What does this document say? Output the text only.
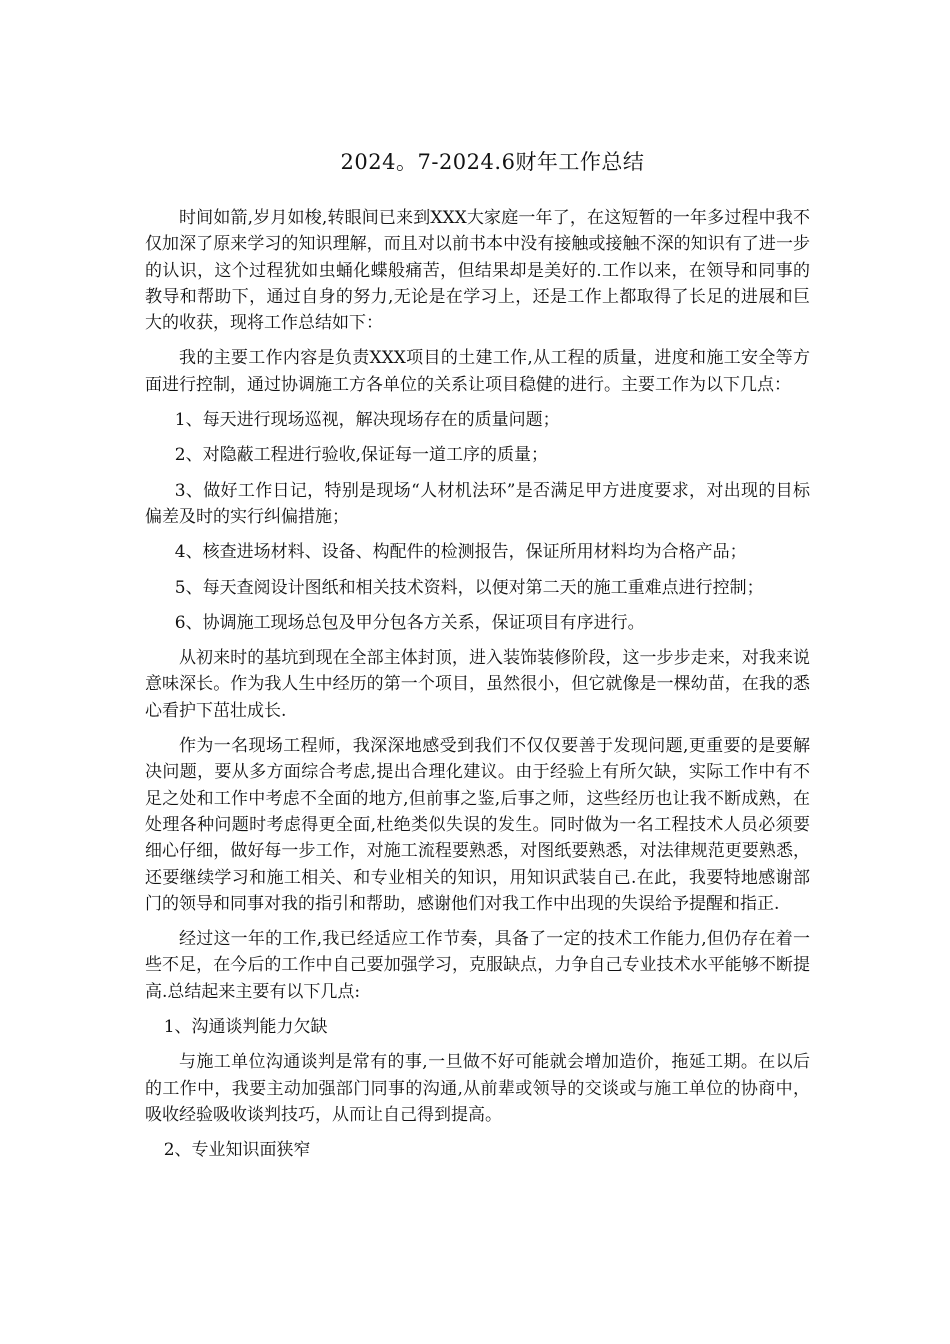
2024。7-2024.6财年工作总结

时间如箭,岁月如梭,转眼间已来到XXX大家庭一年了，在这短暂的一年多过程中我不仅加深了原来学习的知识理解，而且对以前书本中没有接触或接触不深的知识有了进一步的认识，这个过程犹如虫蛹化蝶般痛苦，但结果却是美好的.工作以来，在领导和同事的教导和帮助下，通过自身的努力,无论是在学习上，还是工作上都取得了长足的进展和巨大的收获，现将工作总结如下：

我的主要工作内容是负责XXX项目的土建工作,从工程的质量，进度和施工安全等方面进行控制，通过协调施工方各单位的关系让项目稳健的进行。主要工作为以下几点：

1、每天进行现场巡视，解决现场存在的质量问题；

2、对隐蔽工程进行验收,保证每一道工序的质量；

3、做好工作日记，特别是现场“人材机法环”是否满足甲方进度要求，对出现的目标偏差及时的实行纠偏措施；

4、核查进场材料、设备、构配件的检测报告，保证所用材料均为合格产品；

5、每天查阅设计图纸和相关技术资料，以便对第二天的施工重难点进行控制；

6、协调施工现场总包及甲分包各方关系，保证项目有序进行。

从初来时的基坑到现在全部主体封顶，进入装饰装修阶段，这一步步走来，对我来说意味深长。作为我人生中经历的第一个项目，虽然很小，但它就像是一棵幼苗，在我的悉心看护下茁壮成长.

作为一名现场工程师，我深深地感受到我们不仅仅要善于发现问题,更重要的是要解决问题，要从多方面综合考虑,提出合理化建议。由于经验上有所欠缺，实际工作中有不足之处和工作中考虑不全面的地方,但前事之鉴,后事之师，这些经历也让我不断成熟，在处理各种问题时考虑得更全面,杜绝类似失误的发生。同时做为一名工程技术人员必须要细心仔细，做好每一步工作，对施工流程要熟悉，对图纸要熟悉，对法律规范更要熟悉，还要继续学习和施工相关、和专业相关的知识，用知识武装自己.在此，我要特地感谢部门的领导和同事对我的指引和帮助，感谢他们对我工作中出现的失误给予提醒和指正.

经过这一年的工作,我已经适应工作节奏，具备了一定的技术工作能力,但仍存在着一些不足，在今后的工作中自己要加强学习，克服缺点，力争自己专业技术水平能够不断提高.总结起来主要有以下几点:

1、沟通谈判能力欠缺

与施工单位沟通谈判是常有的事,一旦做不好可能就会增加造价，拖延工期。在以后的工作中，我要主动加强部门同事的沟通,从前辈或领导的交谈或与施工单位的协商中，吸收经验吸收谈判技巧，从而让自己得到提高。

2、专业知识面狭窄
